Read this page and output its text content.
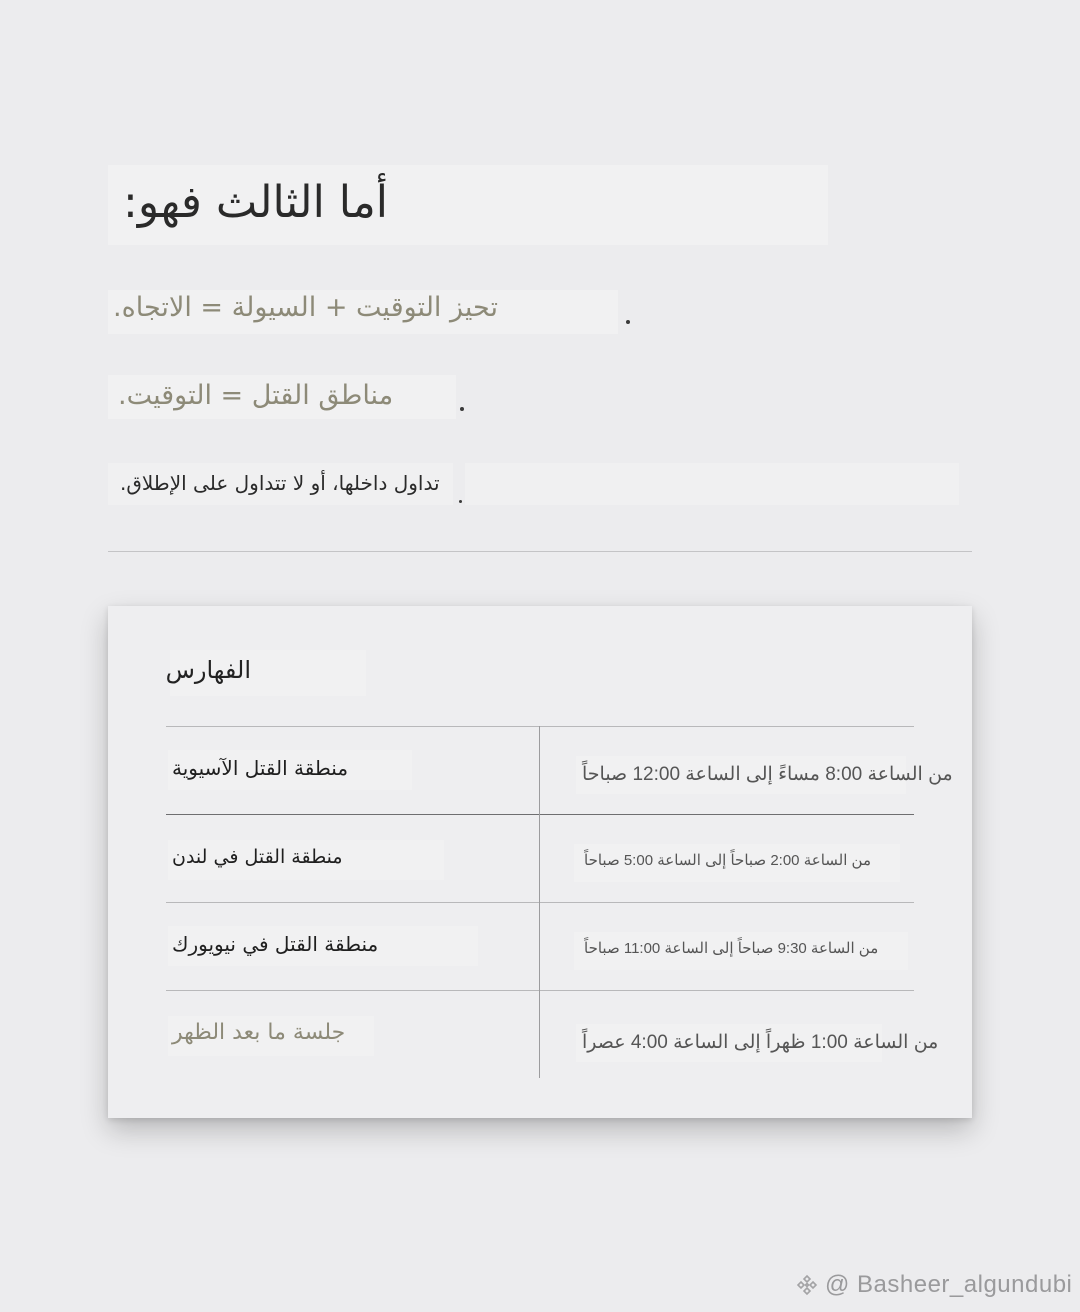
أما الثالث فهو:
تحيز التوقيت + السيولة = الاتجاه.
مناطق القتل = التوقيت.
تداول داخلها، أو لا تتداول على الإطلاق.
الفهارس
منطقة القتل الآسيوية	من الساعة 8:00 مساءً إلى الساعة 12:00 صباحاً
منطقة القتل في لندن	من الساعة 2:00 صباحاً إلى الساعة 5:00 صباحاً
منطقة القتل في نيويورك	من الساعة 9:30 صباحاً إلى الساعة 11:00 صباحاً
جلسة ما بعد الظهر	من الساعة 1:00 ظهراً إلى الساعة 4:00 عصراً
@ Basheer_algundubi
